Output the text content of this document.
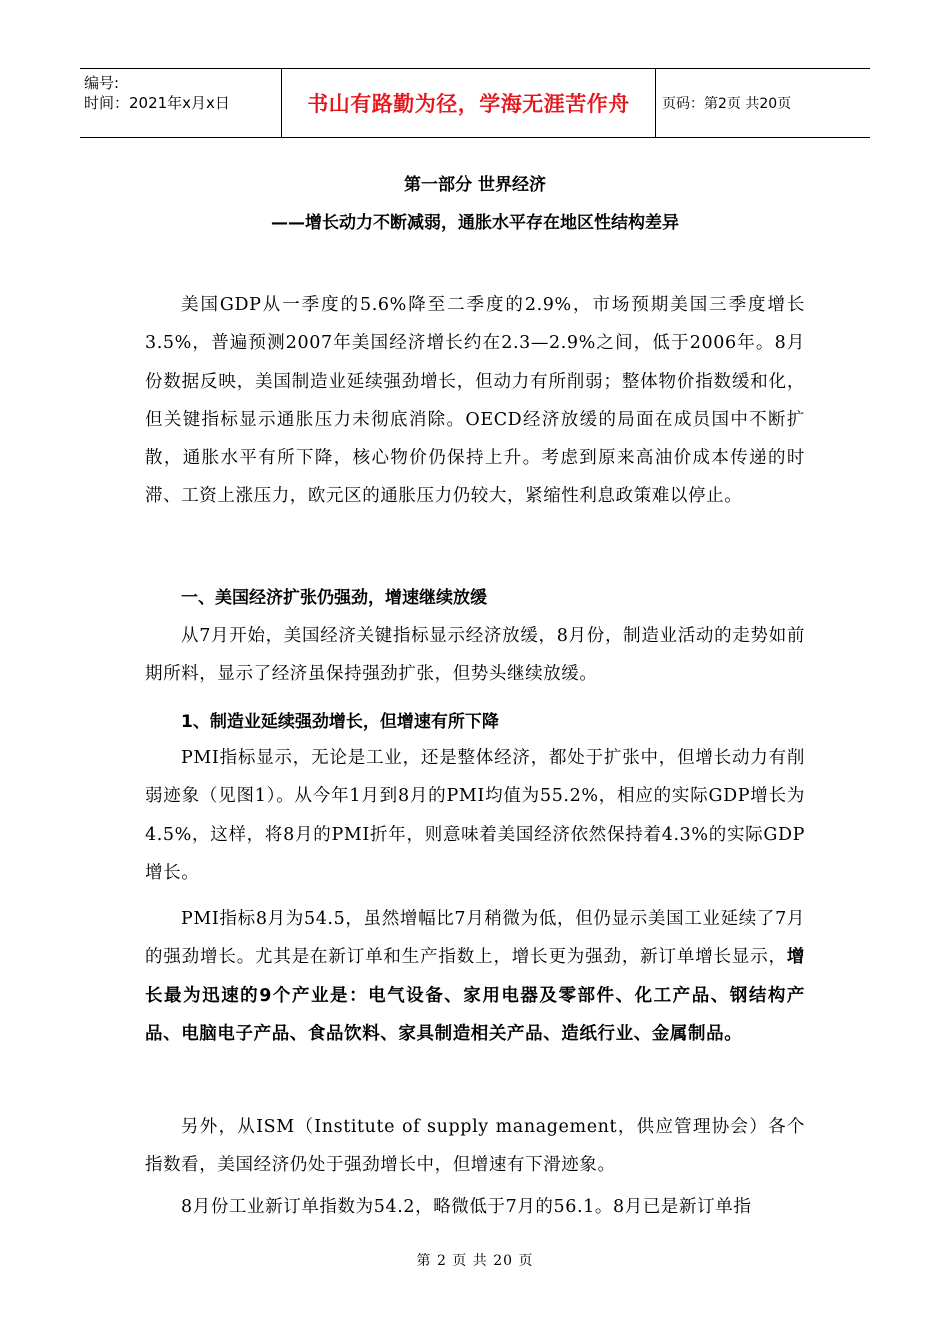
编号:
时间：2021年x月x日	书山有路勤为径，学海无涯苦作舟	页码：第2页 共20页
第一部分 世界经济
——增长动力不断减弱，通胀水平存在地区性结构差异

美国GDP从一季度的5.6%降至二季度的2.9%，市场预期美国三季度增长3.5%，普遍预测2007年美国经济增长约在2.3—2.9%之间，低于2006年。8月份数据反映，美国制造业延续强劲增长，但动力有所削弱；整体物价指数缓和化，但关键指标显示通胀压力未彻底消除。OECD经济放缓的局面在成员国中不断扩散，通胀水平有所下降，核心物价仍保持上升。考虑到原来高油价成本传递的时滞、工资上涨压力，欧元区的通胀压力仍较大，紧缩性利息政策难以停止。

一、美国经济扩张仍强劲，增速继续放缓

从7月开始，美国经济关键指标显示经济放缓，8月份，制造业活动的走势如前期所料，显示了经济虽保持强劲扩张，但势头继续放缓。

1、制造业延续强劲增长，但增速有所下降

PMI指标显示，无论是工业，还是整体经济，都处于扩张中，但增长动力有削弱迹象（见图1）。从今年1月到8月的PMI均值为55.2%，相应的实际GDP增长为4.5%，这样，将8月的PMI折年，则意味着美国经济依然保持着4.3%的实际GDP增长。

PMI指标8月为54.5，虽然增幅比7月稍微为低，但仍显示美国工业延续了7月的强劲增长。尤其是在新订单和生产指数上，增长更为强劲，新订单增长显示，增长最为迅速的9个产业是：电气设备、家用电器及零部件、化工产品、钢结构产品、电脑电子产品、食品饮料、家具制造相关产品、造纸行业、金属制品。

另外，从ISM（Institute of supply management，供应管理协会）各个指数看，美国经济仍处于强劲增长中，但增速有下滑迹象。

8月份工业新订单指数为54.2，略微低于7月的56.1。8月已是新订单指

第 2 页 共 20 页
